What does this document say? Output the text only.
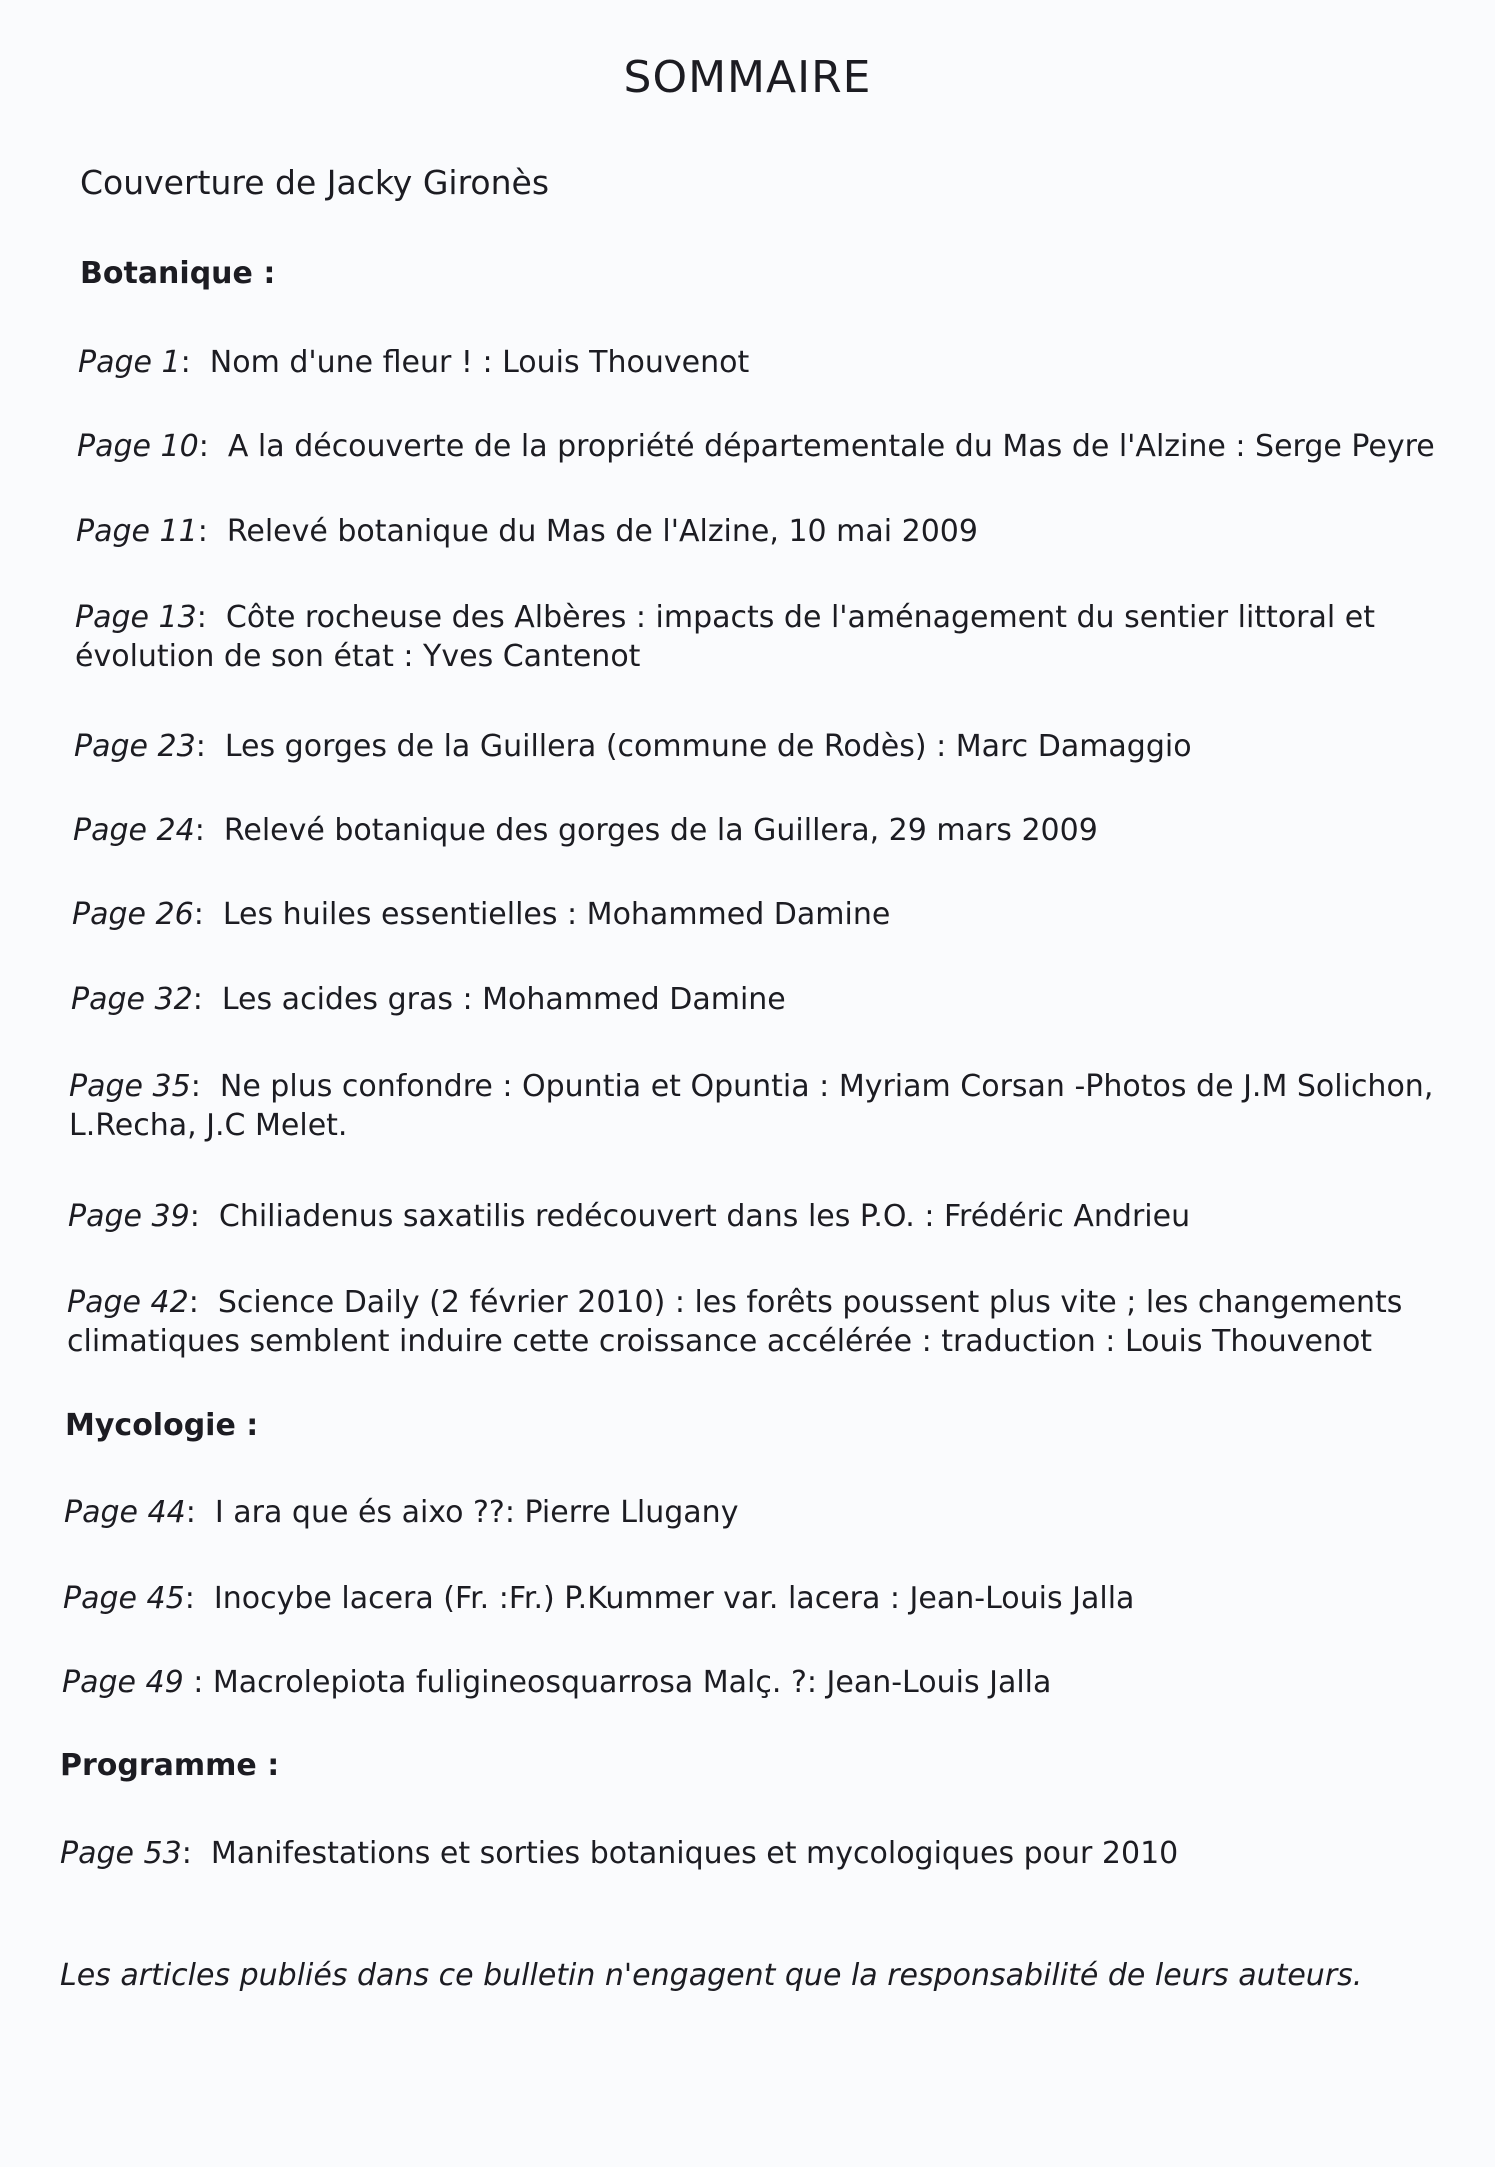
SOMMAIRE
Couverture de Jacky Gironès
Botanique :
Page 1: Nom d'une fleur ! : Louis Thouvenot
Page 10: A la découverte de la propriété départementale du Mas de l'Alzine : Serge Peyre
Page 11: Relevé botanique du Mas de l'Alzine, 10 mai 2009
Page 13: Côte rocheuse des Albères : impacts de l'aménagement du sentier littoral et
évolution de son état : Yves Cantenot
Page 23: Les gorges de la Guillera (commune de Rodès) : Marc Damaggio
Page 24: Relevé botanique des gorges de la Guillera, 29 mars 2009
Page 26: Les huiles essentielles : Mohammed Damine
Page 32: Les acides gras : Mohammed Damine
Page 35: Ne plus confondre : Opuntia et Opuntia : Myriam Corsan -Photos de J.M Solichon,
L.Recha, J.C Melet.
Page 39: Chiliadenus saxatilis redécouvert dans les P.O. : Frédéric Andrieu
Page 42: Science Daily (2 février 2010) : les forêts poussent plus vite ; les changements
climatiques semblent induire cette croissance accélérée : traduction : Louis Thouvenot
Mycologie :
Page 44: I ara que és aixo ??: Pierre Llugany
Page 45: Inocybe lacera (Fr. :Fr.) P.Kummer var. lacera : Jean-Louis Jalla
Page 49 : Macrolepiota fuligineosquarrosa Malç. ?: Jean-Louis Jalla
Programme :
Page 53: Manifestations et sorties botaniques et mycologiques pour 2010
Les articles publiés dans ce bulletin n'engagent que la responsabilité de leurs auteurs.
